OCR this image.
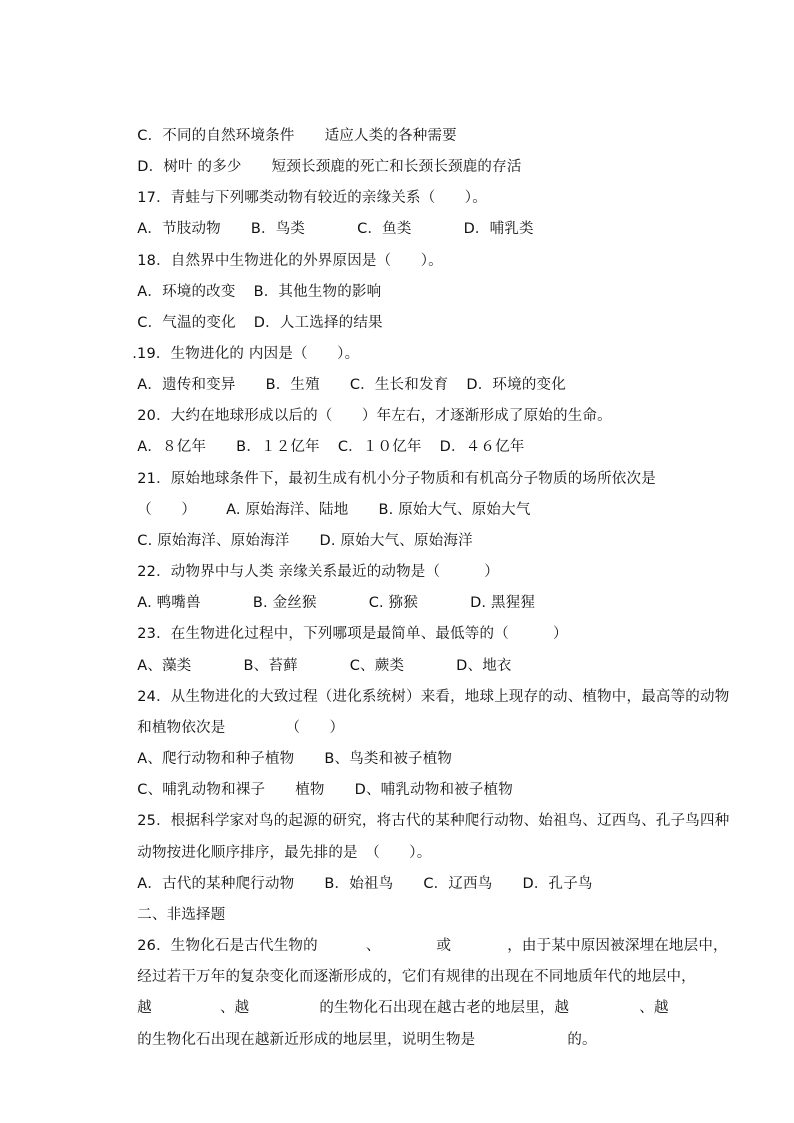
C．不同的自然环境条件 适应人类的各种需要

D．树叶 的多少 短颈长颈鹿的死亡和长颈长颈鹿的存活

17．青蛙与下列哪类动物有较近的亲缘关系（　　）。

A．节肢动物 B．鸟类	C．鱼类	D．哺乳类

18．自然界中生物进化的外界原因是（　　）。

A．环境的改变 B．其他生物的影响

C．气温的变化 D．人工选择的结果

.19．生物进化的 内因是（　　）。

A．遗传和变异 B．生殖 C．生长和发育 D．环境的变化

20．大约在地球形成以后的（　　）年左右，才逐渐形成了原始的生命。

A．８亿年 B．１２亿年 C．１０亿年 D．４６亿年

21．原始地球条件下，最初生成有机小分子物质和有机高分子物质的场所依次是

（　　） A. 原始海洋、陆地 B. 原始大气、原始大气

C. 原始海洋、原始海洋 D. 原始大气、原始海洋

22．动物界中与人类 亲缘关系最近的动物是（　　　）

A. 鸭嘴兽	B. 金丝猴	C. 猕猴	D. 黑猩猩

23．在生物进化过程中，下列哪项是最简单、最低等的（　　　）

A、藻类	B、苔藓	C、蕨类	D、地衣

24．从生物进化的大致过程（进化系统树）来看，地球上现存的动、植物中，最高等的动物

和植物依次是	（　　）

A、爬行动物和种子植物 B、鸟类和被子植物

C、哺乳动物和裸子 植物 D、哺乳动物和被子植物

25．根据科学家对鸟的起源的研究，将古代的某种爬行动物、始祖鸟、辽西鸟、孔子鸟四种

动物按进化顺序排序，最先排的是　（　　）。

A．古代的某种爬行动物 B．始祖鸟 C．辽西鸟 D．孔子鸟

二、非选择题

26．生物化石是古代生物的	、	或	，由于某中原因被深埋在地层中，

经过若干万年的复杂变化而逐渐形成的，它们有规律的出现在不同地质年代的地层中，

越	、越	的生物化石出现在越古老的地层里，越	、越

的生物化石出现在越新近形成的地层里，说明生物是	的。
